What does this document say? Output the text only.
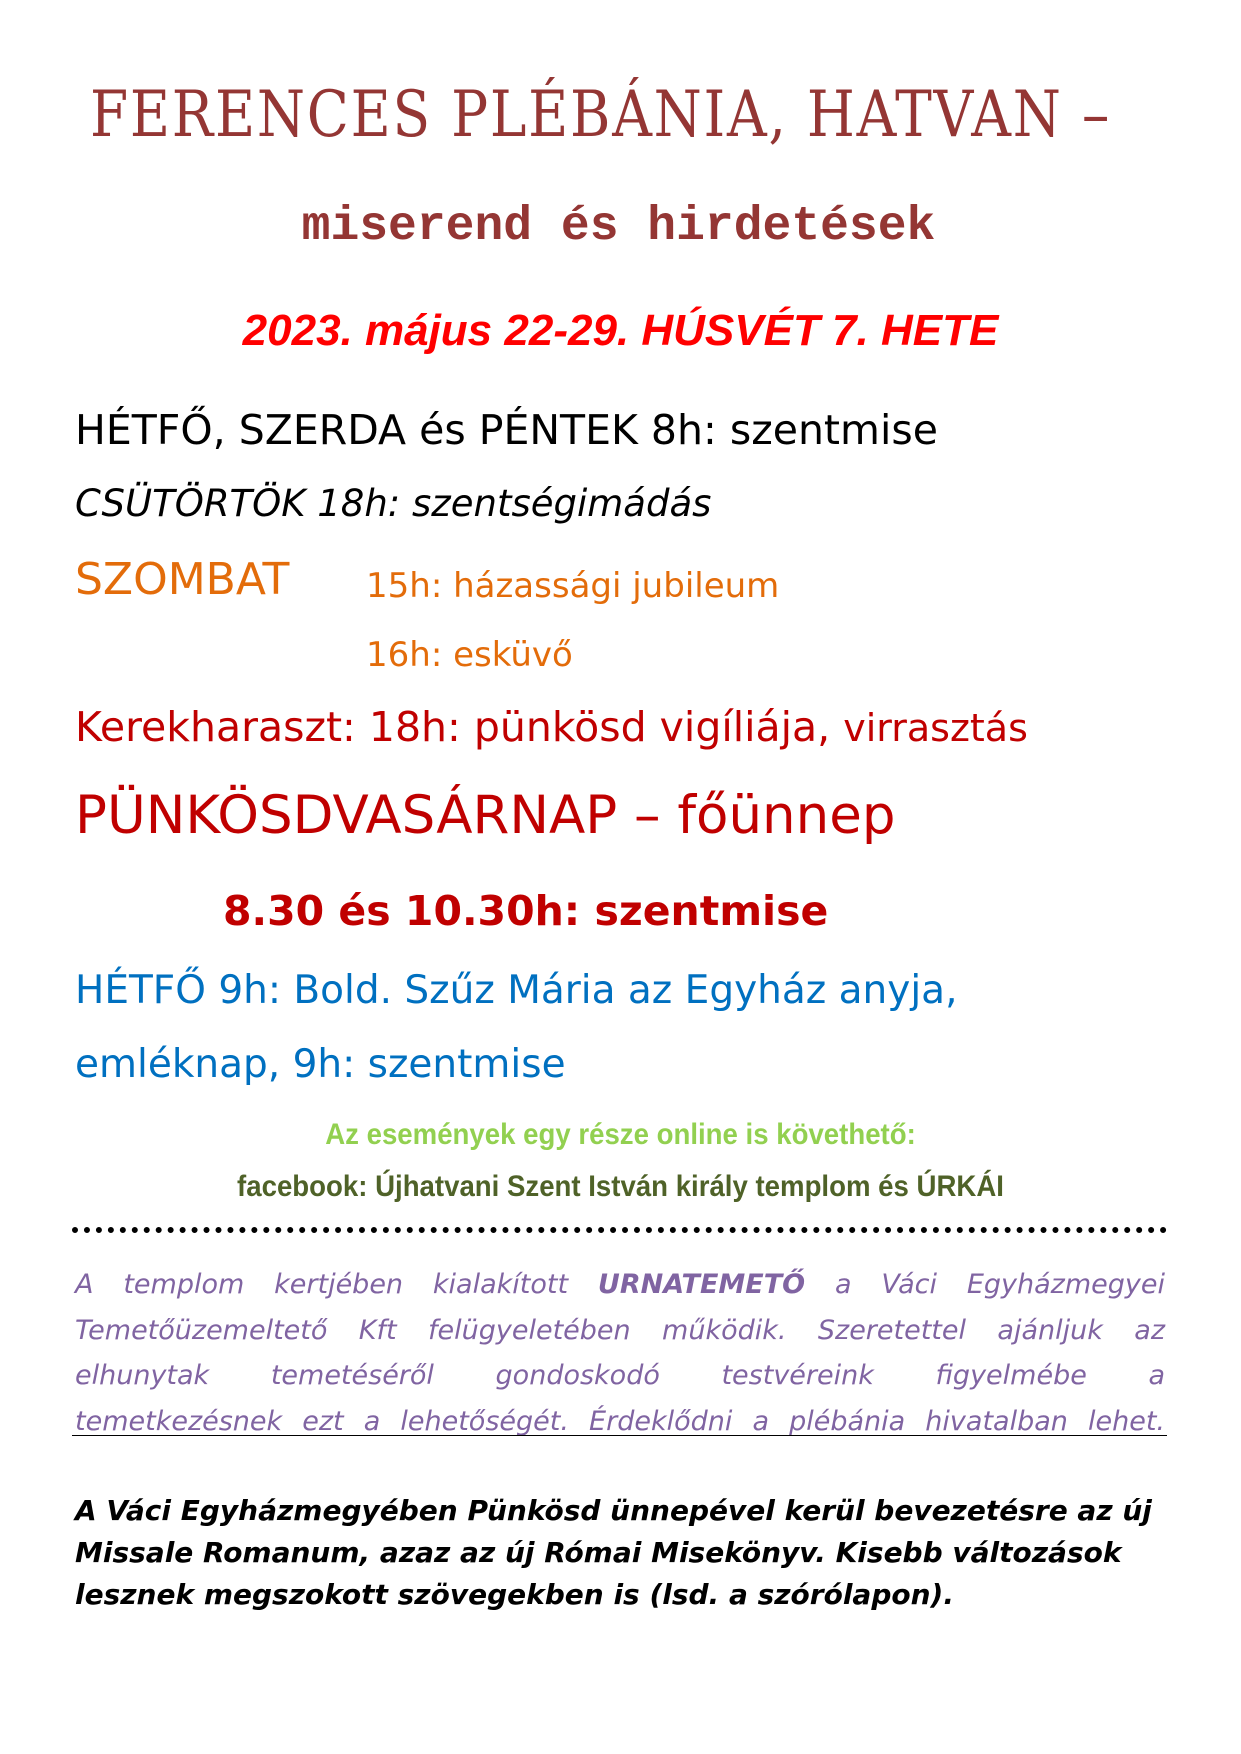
FERENCES PLÉBÁNIA, HATVAN –
miserend és hirdetések
2023. május 22-29. HÚSVÉT 7. HETE
HÉTFŐ, SZERDA és PÉNTEK 8h: szentmise
CSÜTÖRTÖK 18h: szentségimádás
SZOMBAT 15h: házassági jubileum
16h: esküvő
Kerekharaszt: 18h: pünkösd vigíliája, virrasztás
PÜNKÖSDVASÁRNAP – főünnep
8.30 és 10.30h: szentmise
HÉTFŐ 9h: Bold. Szűz Mária az Egyház anyja,
emléknap, 9h: szentmise
Az események egy része online is követhető:
facebook: Újhatvani Szent István király templom és ÚRKÁI
A templom kertjében kialakított URNATEMETŐ a Váci Egyházmegyei
Temetőüzemeltető Kft felügyeletében működik. Szeretettel ajánljuk az
elhunytak temetéséről gondoskodó testvéreink figyelmébe a
temetkezésnek ezt a lehetőségét. Érdeklődni a plébánia hivatalban lehet.
A Váci Egyházmegyében Pünkösd ünnepével kerül bevezetésre az új
Missale Romanum, azaz az új Római Misekönyv. Kisebb változások
lesznek megszokott szövegekben is (lsd. a szórólapon).
